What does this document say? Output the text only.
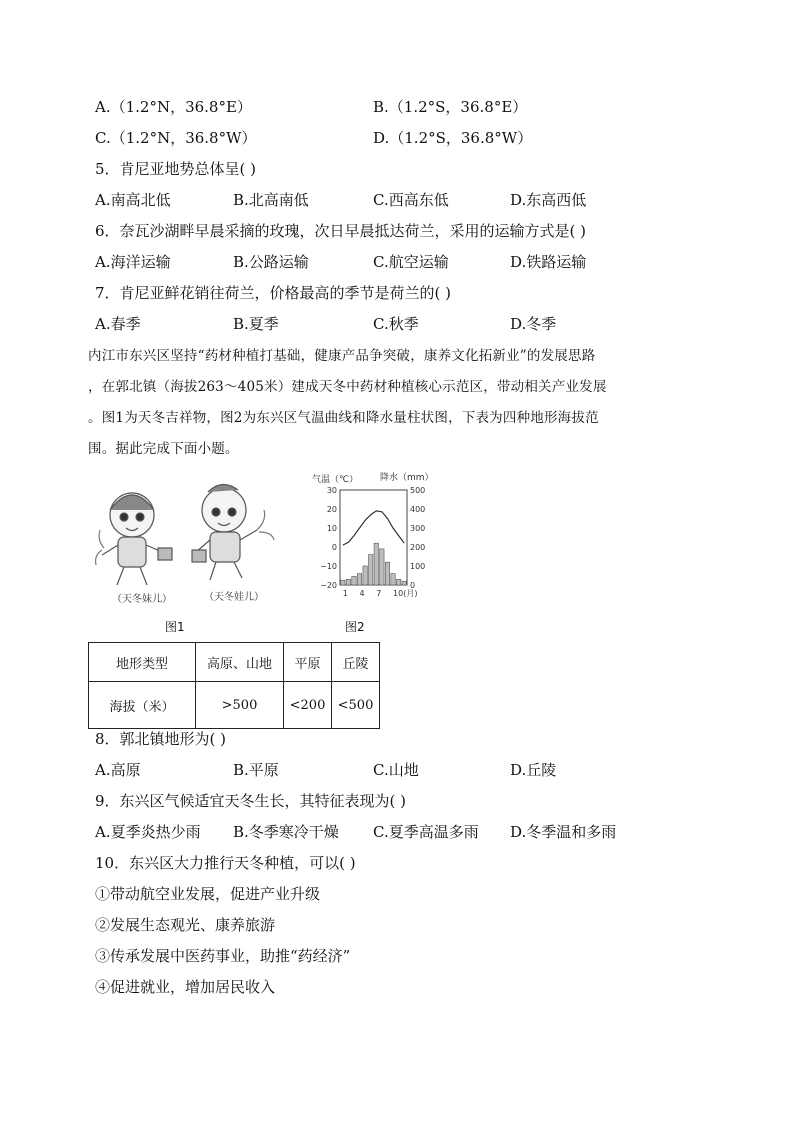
A.（1.2°N，36.8°E）	B.（1.2°S，36.8°E）
C.（1.2°N，36.8°W）	D.（1.2°S，36.8°W）
5．肯尼亚地势总体呈( )
A.南高北低	B.北高南低	C.西高东低	D.东高西低
6．奈瓦沙湖畔早晨采摘的玫瑰，次日早晨抵达荷兰，采用的运输方式是( )
A.海洋运输	B.公路运输	C.航空运输	D.铁路运输
7．肯尼亚鲜花销往荷兰，价格最高的季节是荷兰的( )
A.春季	B.夏季	C.秋季	D.冬季
内江市东兴区坚持“药材种植打基础，健康产品争突破，康养文化拓新业”的发展思路
，在郭北镇（海拔263～405米）建成天冬中药材种植核心示范区，带动相关产业发展
。图1为天冬吉祥物，图2为东兴区气温曲线和降水量柱状图，下表为四种地形海拔范
围。据此完成下面小题。
（天冬妹儿）	（天冬娃儿）
图1
气温（℃） 降水（mm）
30
20
10
0
−10
−20
500
400
300
200
100
0
1 4 7 10(月)
图2
地形类型	高原、山地	平原	丘陵
海拔（米）	>500	<200	<500
8．郭北镇地形为( )
A.高原	B.平原	C.山地	D.丘陵
9．东兴区气候适宜天冬生长，其特征表现为( )
A.夏季炎热少雨 B.冬季寒冷干燥 C.夏季高温多雨 D.冬季温和多雨
10．东兴区大力推行天冬种植，可以( )
①带动航空业发展，促进产业升级
②发展生态观光、康养旅游
③传承发展中医药事业，助推“药经济”
④促进就业，增加居民收入
